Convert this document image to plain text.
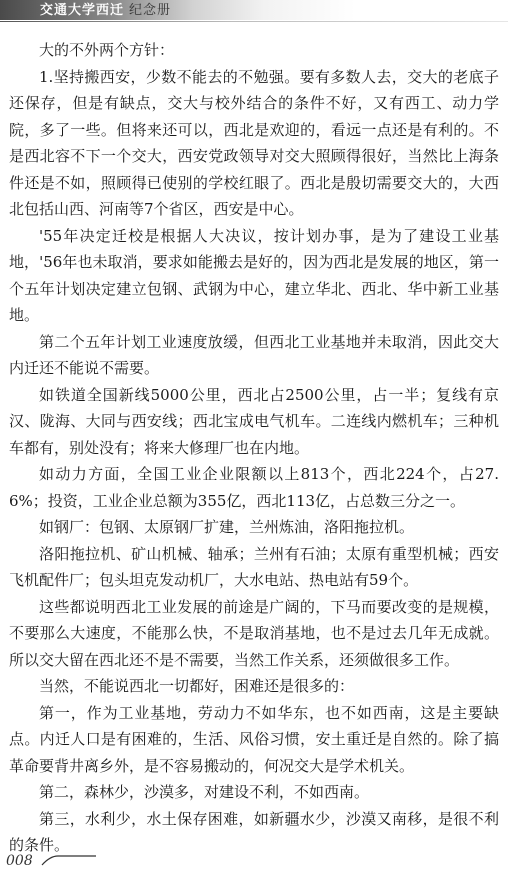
交通大学西迁 纪念册

大的不外两个方针：

1.坚持搬西安，少数不能去的不勉强。要有多数人去，交大的老底子还保存，但是有缺点，交大与校外结合的条件不好，又有西工、动力学院，多了一些。但将来还可以，西北是欢迎的，看远一点还是有利的。不是西北容不下一个交大，西安党政领导对交大照顾得很好，当然比上海条件还是不如，照顾得已使别的学校红眼了。西北是殷切需要交大的，大西北包括山西、河南等7个省区，西安是中心。

'55年决定迁校是根据人大决议，按计划办事，是为了建设工业基地，'56年也未取消，要求如能搬去是好的，因为西北是发展的地区，第一个五年计划决定建立包钢、武钢为中心，建立华北、西北、华中新工业基地。

第二个五年计划工业速度放缓，但西北工业基地并未取消，因此交大内迁还不能说不需要。

如铁道全国新线5000公里，西北占2500公里，占一半；复线有京汉、陇海、大同与西安线；西北宝成电气机车。二连线内燃机车；三种机车都有，别处没有；将来大修理厂也在内地。

如动力方面，全国工业企业限额以上813个，西北224个，占27.6%；投资，工业企业总额为355亿，西北113亿，占总数三分之一。

如钢厂：包钢、太原钢厂扩建，兰州炼油，洛阳拖拉机。

洛阳拖拉机、矿山机械、轴承；兰州有石油；太原有重型机械；西安飞机配件厂；包头坦克发动机厂，大水电站、热电站有59个。

这些都说明西北工业发展的前途是广阔的，下马而要改变的是规模，不要那么大速度，不能那么快，不是取消基地，也不是过去几年无成就。所以交大留在西北还不是不需要，当然工作关系，还须做很多工作。

当然，不能说西北一切都好，困难还是很多的：

第一，作为工业基地，劳动力不如华东，也不如西南，这是主要缺点。内迁人口是有困难的，生活、风俗习惯，安土重迁是自然的。除了搞革命要背井离乡外，是不容易搬动的，何况交大是学术机关。

第二，森林少，沙漠多，对建设不利，不如西南。

第三，水利少，水土保存困难，如新疆水少，沙漠又南移，是很不利的条件。

008
